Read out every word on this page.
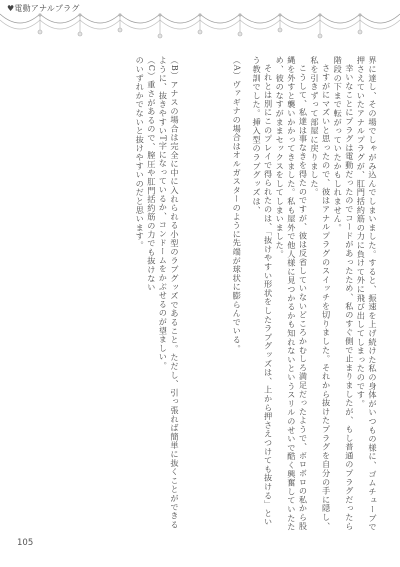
♥電動アナルプラグ

界に達し、その場でしゃがみ込んでしまいました。すると、振速を上げ続けた私の身体がいつもの様に、ゴムチューブで押さえていたアナルプラグが、肛門括約筋の力に負けて外に飛び出してしまったのです。

幸いなことにプラグは電動だったのでコードがあったため、私のすぐ側で止まりましたが、もし普通のプラグだったら階段の下まで転がっていたかもしれません。

さすがにマズいと思ったので、彼はアナルプラグのスイッチを切りました。それから抜けたプラグを自分の手に隠し、私を引きずって部屋に戻りました。

こうして、私達は事なきを得たのですが、彼は反省していないどころかむしろ満足だったようで、ボロボロの私から股縄を外すと襲いかかってきました。私も屋外で他人様に見つかるかも知れないというスリルのせいで酷く興奮していたため、彼のなすがままセックスをしてしまいました。

それとは別にこのプレイで得られたのは、「抜けやすい形状をしたラブグッズは、上から押さえつけても抜ける」という教訓でした。挿入型のラブグッズは、

（A）ヴァギナの場合はオルガスターのように先端が球状に膨らんでいる。

（B）アナスの場合は完全に中に入れられる小型のラブグッズであること。ただし、引っ張れば簡単に抜くことができるように、抜きやすいT字になっているか、コンドームをかぶせるのが望ましい。

（C）重さがあるので、膣圧や肛門括約筋の力でも抜けない

のいずれかでないと抜けやすいのだと思います。

105
